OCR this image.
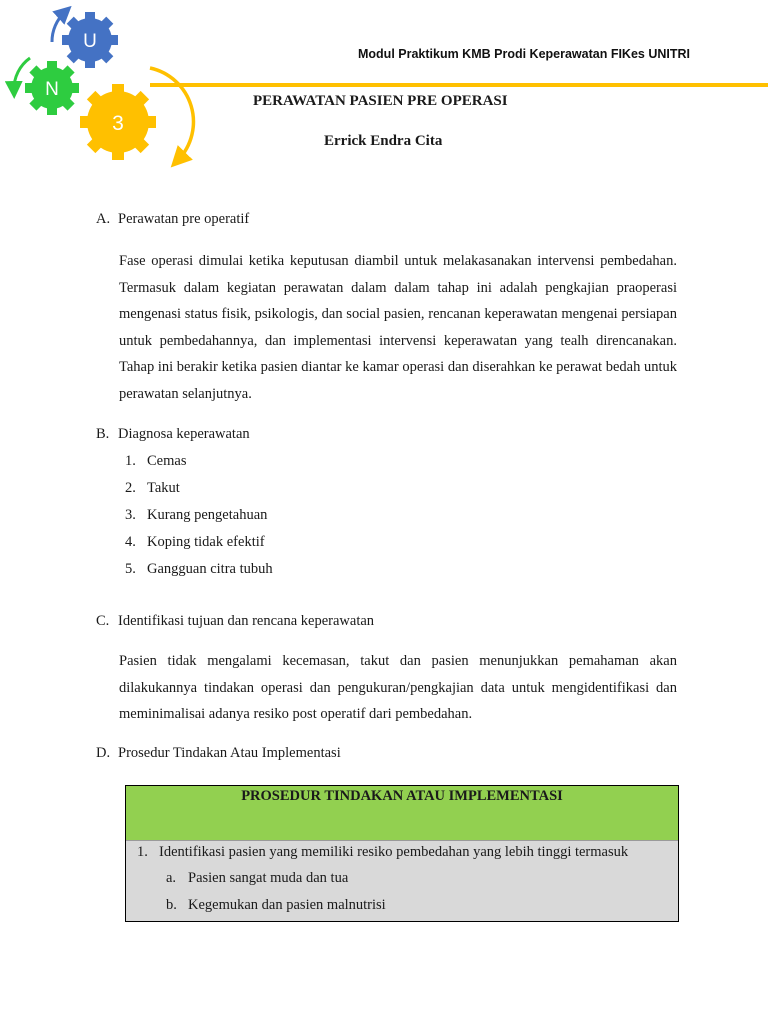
U
N
3
Modul Praktikum KMB Prodi Keperawatan FIKes UNITRI
PERAWATAN PASIEN PRE OPERASI
Errick Endra Cita
A. Perawatan pre operatif
Fase operasi dimulai ketika keputusan diambil untuk melakasanakan intervensi pembedahan. Termasuk dalam kegiatan perawatan dalam dalam tahap ini adalah pengkajian praoperasi mengenasi status fisik, psikologis, dan social pasien, rencanan keperawatan mengenai persiapan untuk pembedahannya, dan implementasi intervensi keperawatan yang tealh direncanakan. Tahap ini berakir ketika pasien diantar ke kamar operasi dan diserahkan ke perawat bedah untuk perawatan selanjutnya.
B. Diagnosa keperawatan
1. Cemas
2. Takut
3. Kurang pengetahuan
4. Koping tidak efektif
5. Gangguan citra tubuh
C. Identifikasi tujuan dan rencana keperawatan
Pasien tidak mengalami kecemasan, takut dan pasien menunjukkan pemahaman akan dilakukannya tindakan operasi dan pengukuran/pengkajian data untuk mengidentifikasi dan meminimalisai adanya resiko post operatif dari pembedahan.
D. Prosedur Tindakan Atau Implementasi
PROSEDUR TINDAKAN ATAU IMPLEMENTASI
1. Identifikasi pasien yang memiliki resiko pembedahan yang lebih tinggi termasuk
a. Pasien sangat muda dan tua
b. Kegemukan dan pasien malnutrisi
